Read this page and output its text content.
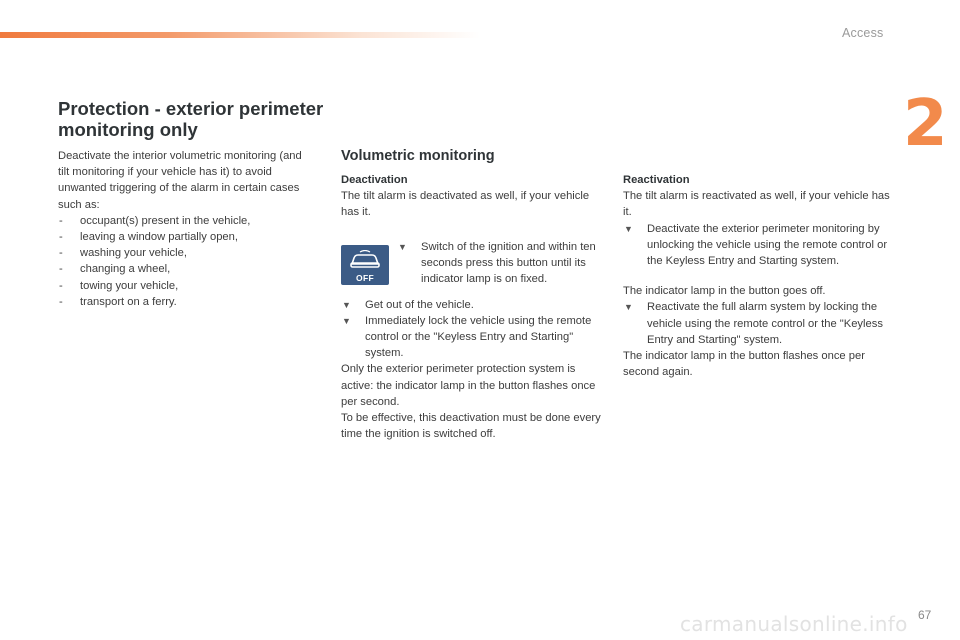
Access
2
Protection - exterior perimeter monitoring only

Deactivate the interior volumetric monitoring (and tilt monitoring if your vehicle has it) to avoid unwanted triggering of the alarm in certain cases such as:

- occupant(s) present in the vehicle,
- leaving a window partially open,
- washing your vehicle,
- changing a wheel,
- towing your vehicle,
- transport on a ferry.
Volumetric monitoring

Deactivation

The tilt alarm is deactivated as well, if your vehicle has it.

OFF
▼ Switch of the ignition and within ten seconds press this button until its indicator lamp is on fixed.
▼ Get out of the vehicle.
▼ Immediately lock the vehicle using the remote control or the "Keyless Entry and Starting" system.

Only the exterior perimeter protection system is active: the indicator lamp in the button flashes once per second.

To be effective, this deactivation must be done every time the ignition is switched off.

Reactivation

The tilt alarm is reactivated as well, if your vehicle has it.

▼ Deactivate the exterior perimeter monitoring by unlocking the vehicle using the remote control or the Keyless Entry and Starting system.

The indicator lamp in the button goes off.

▼ Reactivate the full alarm system by locking the vehicle using the remote control or the "Keyless Entry and Starting" system.

The indicator lamp in the button flashes once per second again.

carmanualsonline.info 67
